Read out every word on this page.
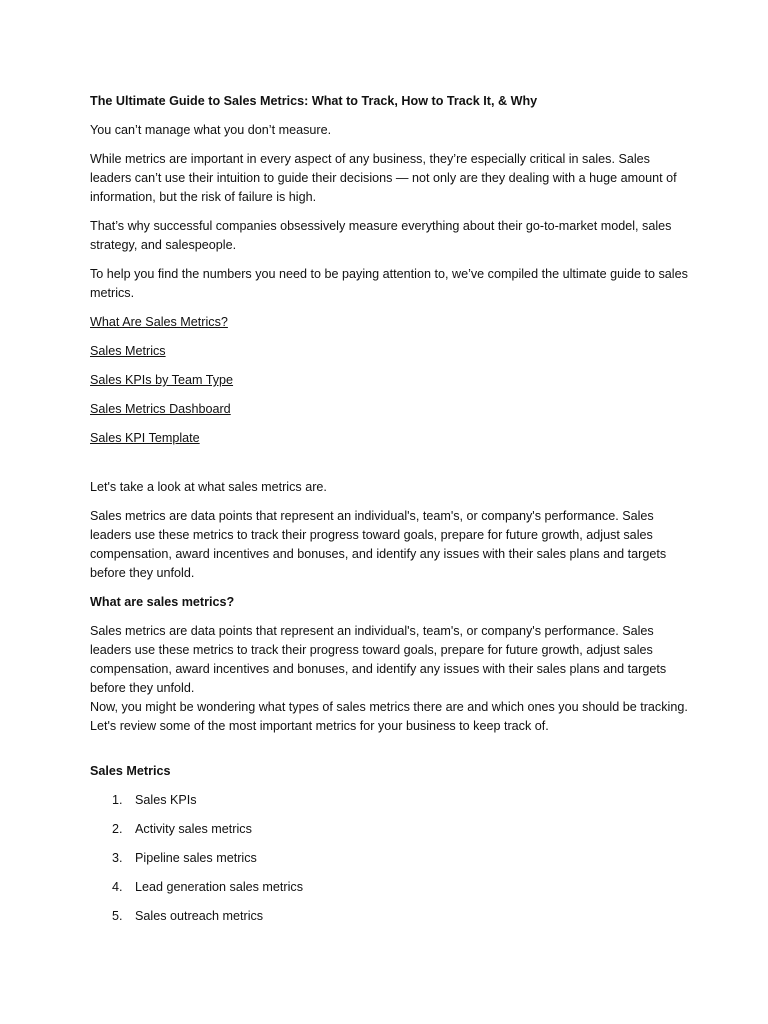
The Ultimate Guide to Sales Metrics: What to Track, How to Track It, & Why

You can’t manage what you don’t measure.

While metrics are important in every aspect of any business, they’re especially critical in sales. Sales leaders can’t use their intuition to guide their decisions — not only are they dealing with a huge amount of information, but the risk of failure is high.

That’s why successful companies obsessively measure everything about their go-to-market model, sales strategy, and salespeople.

To help you find the numbers you need to be paying attention to, we’ve compiled the ultimate guide to sales metrics.

What Are Sales Metrics?
Sales Metrics
Sales KPIs by Team Type
Sales Metrics Dashboard
Sales KPI Template

Let's take a look at what sales metrics are.

Sales metrics are data points that represent an individual's, team's, or company's performance. Sales leaders use these metrics to track their progress toward goals, prepare for future growth, adjust sales compensation, award incentives and bonuses, and identify any issues with their sales plans and targets before they unfold.

What are sales metrics?

Sales metrics are data points that represent an individual's, team's, or company's performance. Sales leaders use these metrics to track their progress toward goals, prepare for future growth, adjust sales compensation, award incentives and bonuses, and identify any issues with their sales plans and targets before they unfold.

Now, you might be wondering what types of sales metrics there are and which ones you should be tracking. Let's review some of the most important metrics for your business to keep track of.

Sales Metrics

1. Sales KPIs
2. Activity sales metrics
3. Pipeline sales metrics
4. Lead generation sales metrics
5. Sales outreach metrics
